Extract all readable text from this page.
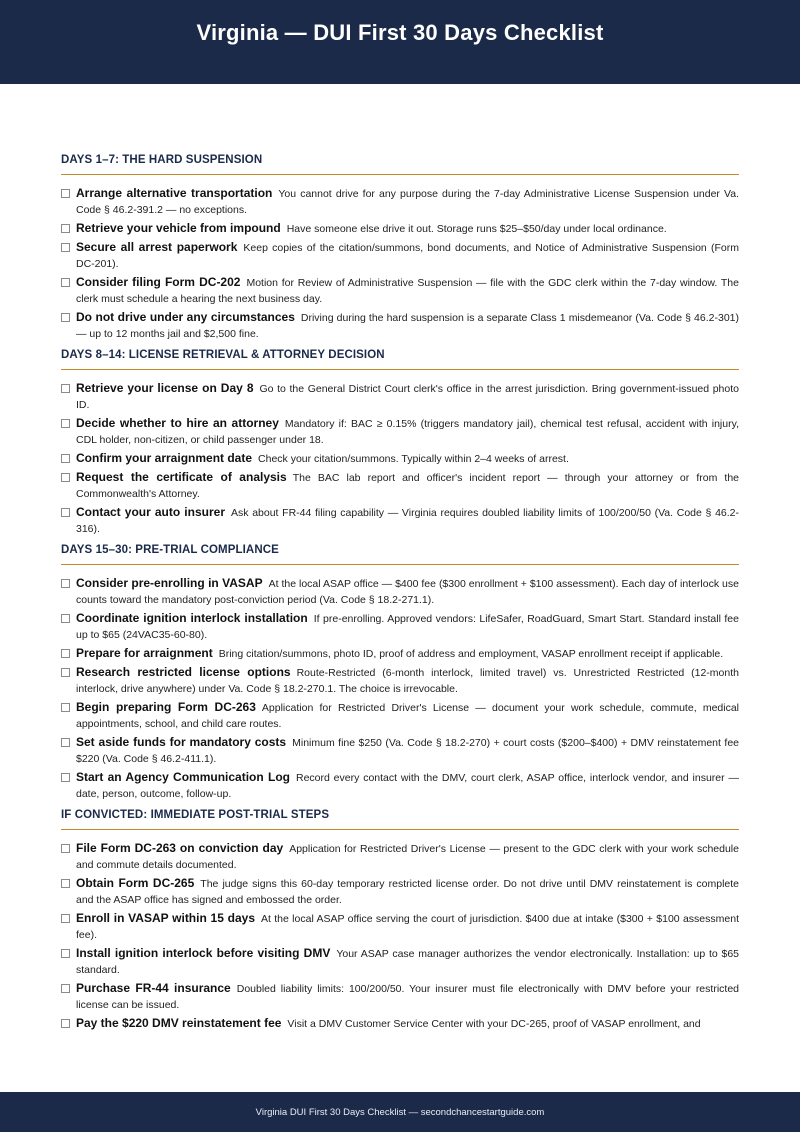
Virginia — DUI First 30 Days Checklist
DAYS 1–7: THE HARD SUSPENSION
Arrange alternative transportation You cannot drive for any purpose during the 7-day Administrative License Suspension under Va. Code § 46.2-391.2 — no exceptions.
Retrieve your vehicle from impound Have someone else drive it out. Storage runs $25–$50/day under local ordinance.
Secure all arrest paperwork Keep copies of the citation/summons, bond documents, and Notice of Administrative Suspension (Form DC-201).
Consider filing Form DC-202 Motion for Review of Administrative Suspension — file with the GDC clerk within the 7-day window. The clerk must schedule a hearing the next business day.
Do not drive under any circumstances Driving during the hard suspension is a separate Class 1 misdemeanor (Va. Code § 46.2-301) — up to 12 months jail and $2,500 fine.
DAYS 8–14: LICENSE RETRIEVAL & ATTORNEY DECISION
Retrieve your license on Day 8 Go to the General District Court clerk's office in the arrest jurisdiction. Bring government-issued photo ID.
Decide whether to hire an attorney Mandatory if: BAC ≥ 0.15% (triggers mandatory jail), chemical test refusal, accident with injury, CDL holder, non-citizen, or child passenger under 18.
Confirm your arraignment date Check your citation/summons. Typically within 2–4 weeks of arrest.
Request the certificate of analysis The BAC lab report and officer's incident report — through your attorney or from the Commonwealth's Attorney.
Contact your auto insurer Ask about FR-44 filing capability — Virginia requires doubled liability limits of 100/200/50 (Va. Code § 46.2-316).
DAYS 15–30: PRE-TRIAL COMPLIANCE
Consider pre-enrolling in VASAP At the local ASAP office — $400 fee ($300 enrollment + $100 assessment). Each day of interlock use counts toward the mandatory post-conviction period (Va. Code § 18.2-271.1).
Coordinate ignition interlock installation If pre-enrolling. Approved vendors: LifeSafer, RoadGuard, Smart Start. Standard install fee up to $65 (24VAC35-60-80).
Prepare for arraignment Bring citation/summons, photo ID, proof of address and employment, VASAP enrollment receipt if applicable.
Research restricted license options Route-Restricted (6-month interlock, limited travel) vs. Unrestricted Restricted (12-month interlock, drive anywhere) under Va. Code § 18.2-270.1. The choice is irrevocable.
Begin preparing Form DC-263 Application for Restricted Driver's License — document your work schedule, commute, medical appointments, school, and child care routes.
Set aside funds for mandatory costs Minimum fine $250 (Va. Code § 18.2-270) + court costs ($200–$400) + DMV reinstatement fee $220 (Va. Code § 46.2-411.1).
Start an Agency Communication Log Record every contact with the DMV, court clerk, ASAP office, interlock vendor, and insurer — date, person, outcome, follow-up.
IF CONVICTED: IMMEDIATE POST-TRIAL STEPS
File Form DC-263 on conviction day Application for Restricted Driver's License — present to the GDC clerk with your work schedule and commute details documented.
Obtain Form DC-265 The judge signs this 60-day temporary restricted license order. Do not drive until DMV reinstatement is complete and the ASAP office has signed and embossed the order.
Enroll in VASAP within 15 days At the local ASAP office serving the court of jurisdiction. $400 due at intake ($300 + $100 assessment fee).
Install ignition interlock before visiting DMV Your ASAP case manager authorizes the vendor electronically. Installation: up to $65 standard.
Purchase FR-44 insurance Doubled liability limits: 100/200/50. Your insurer must file electronically with DMV before your restricted license can be issued.
Pay the $220 DMV reinstatement fee Visit a DMV Customer Service Center with your DC-265, proof of VASAP enrollment, and
Virginia DUI First 30 Days Checklist — secondchancestartguide.com
